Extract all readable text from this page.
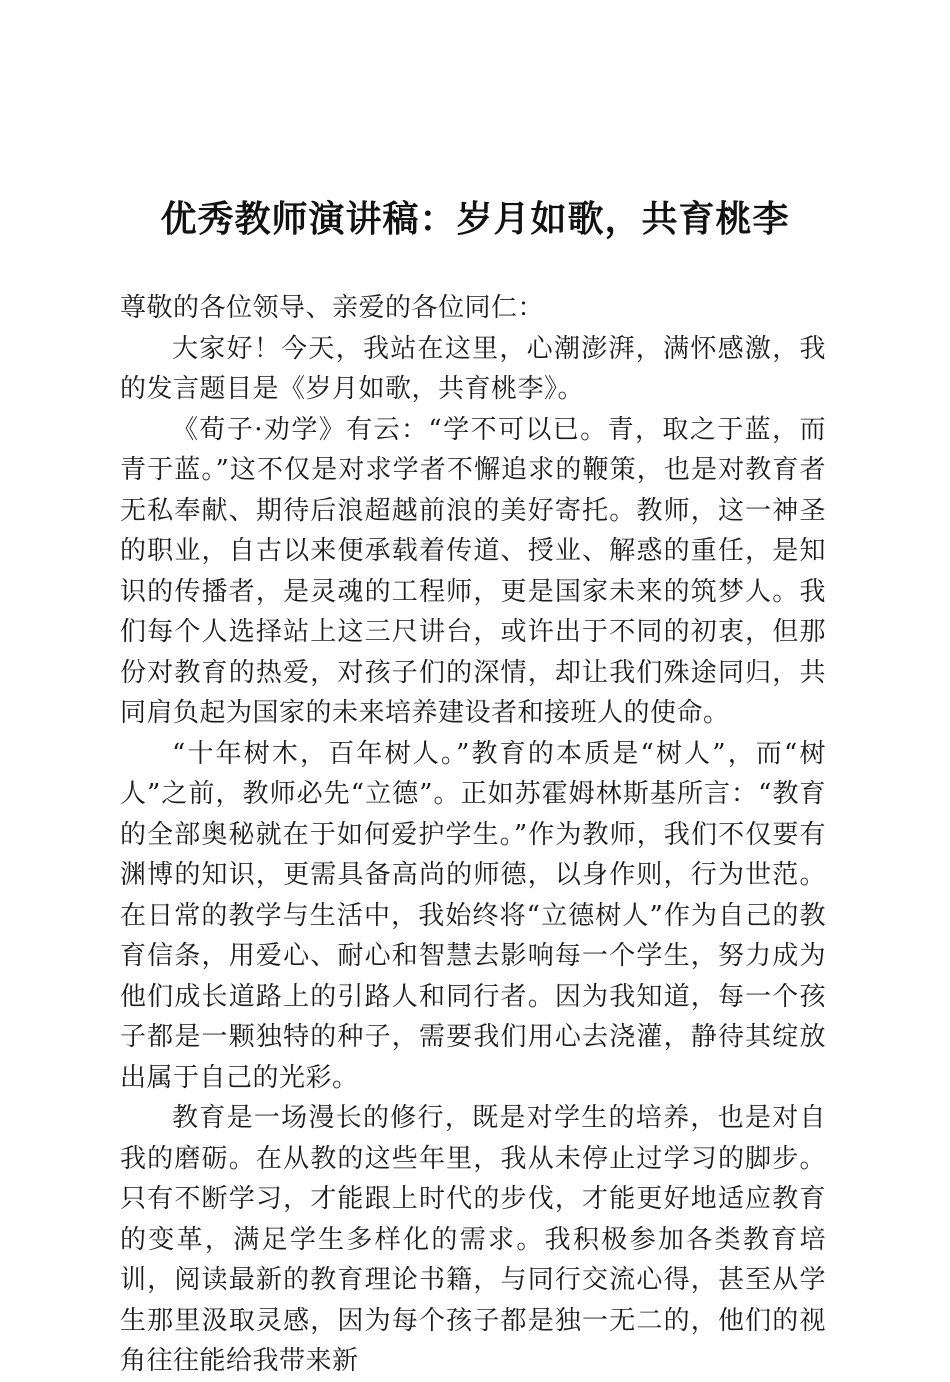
优秀教师演讲稿：岁月如歌，共育桃李

尊敬的各位领导、亲爱的各位同仁：

大家好！今天，我站在这里，心潮澎湃，满怀感激，我的发言题目是《岁月如歌，共育桃李》。

《荀子·劝学》有云：“学不可以已。青，取之于蓝，而青于蓝。”这不仅是对求学者不懈追求的鞭策，也是对教育者无私奉献、期待后浪超越前浪的美好寄托。教师，这一神圣的职业，自古以来便承载着传道、授业、解惑的重任，是知识的传播者，是灵魂的工程师，更是国家未来的筑梦人。我们每个人选择站上这三尺讲台，或许出于不同的初衷，但那份对教育的热爱，对孩子们的深情，却让我们殊途同归，共同肩负起为国家的未来培养建设者和接班人的使命。

“十年树木，百年树人。”教育的本质是“树人”，而“树人”之前，教师必先“立德”。正如苏霍姆林斯基所言：“教育的全部奥秘就在于如何爱护学生。”作为教师，我们不仅要有渊博的知识，更需具备高尚的师德，以身作则，行为世范。在日常的教学与生活中，我始终将“立德树人”作为自己的教育信条，用爱心、耐心和智慧去影响每一个学生，努力成为他们成长道路上的引路人和同行者。因为我知道，每一个孩子都是一颗独特的种子，需要我们用心去浇灌，静待其绽放出属于自己的光彩。

教育是一场漫长的修行，既是对学生的培养，也是对自我的磨砺。在从教的这些年里，我从未停止过学习的脚步。只有不断学习，才能跟上时代的步伐，才能更好地适应教育的变革，满足学生多样化的需求。我积极参加各类教育培训，阅读最新的教育理论书籍，与同行交流心得，甚至从学生那里汲取灵感，因为每个孩子都是独一无二的，他们的视角往往能给我带来新
